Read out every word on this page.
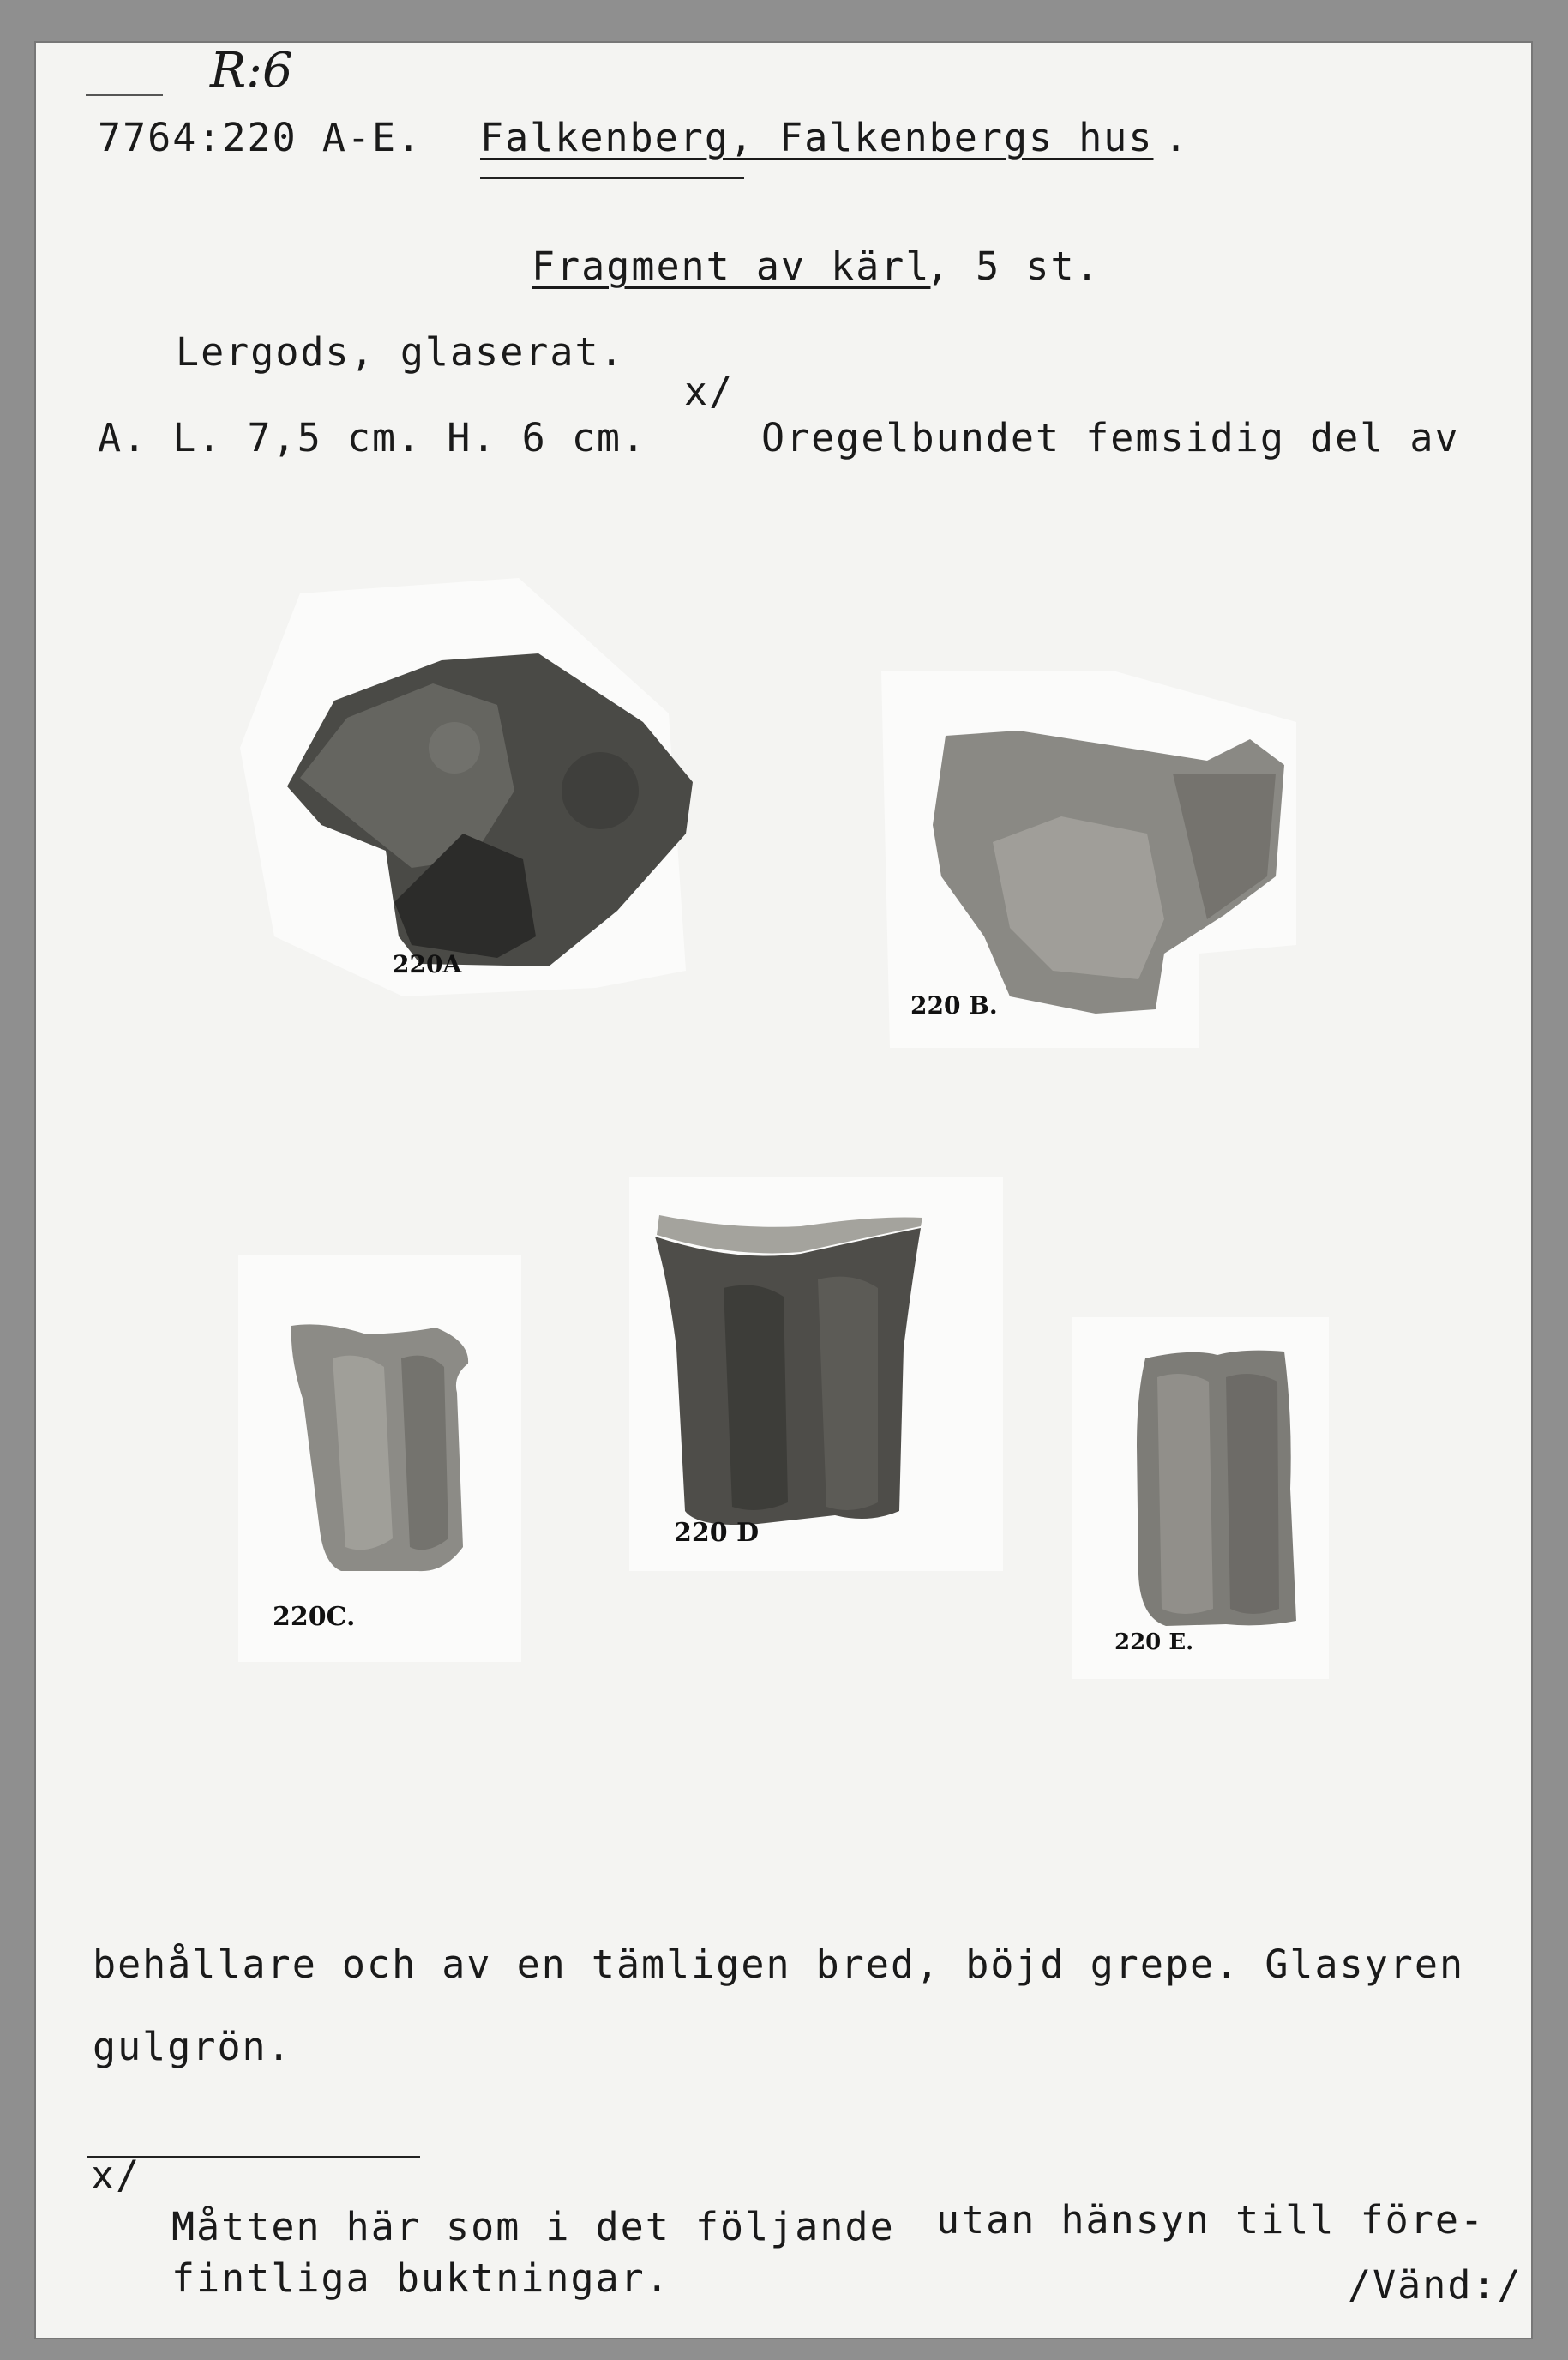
R:6
7764:220 A-E. Falkenberg, Falkenbergs hus .
Fragment av kärl
, 5 st.
Lergods, glaserat.
x/
A. L. 7,5 cm. H. 6 cm.	Oregelbundet femsidig del av
220A
220 B.
220C.
220 D
220 E.
behållare och av en tämligen bred, böjd grepe. Glasyren
gulgrön.
x/
Måtten här som i det följande utan hänsyn till före-
fintliga buktningar.	/Vänd:/
